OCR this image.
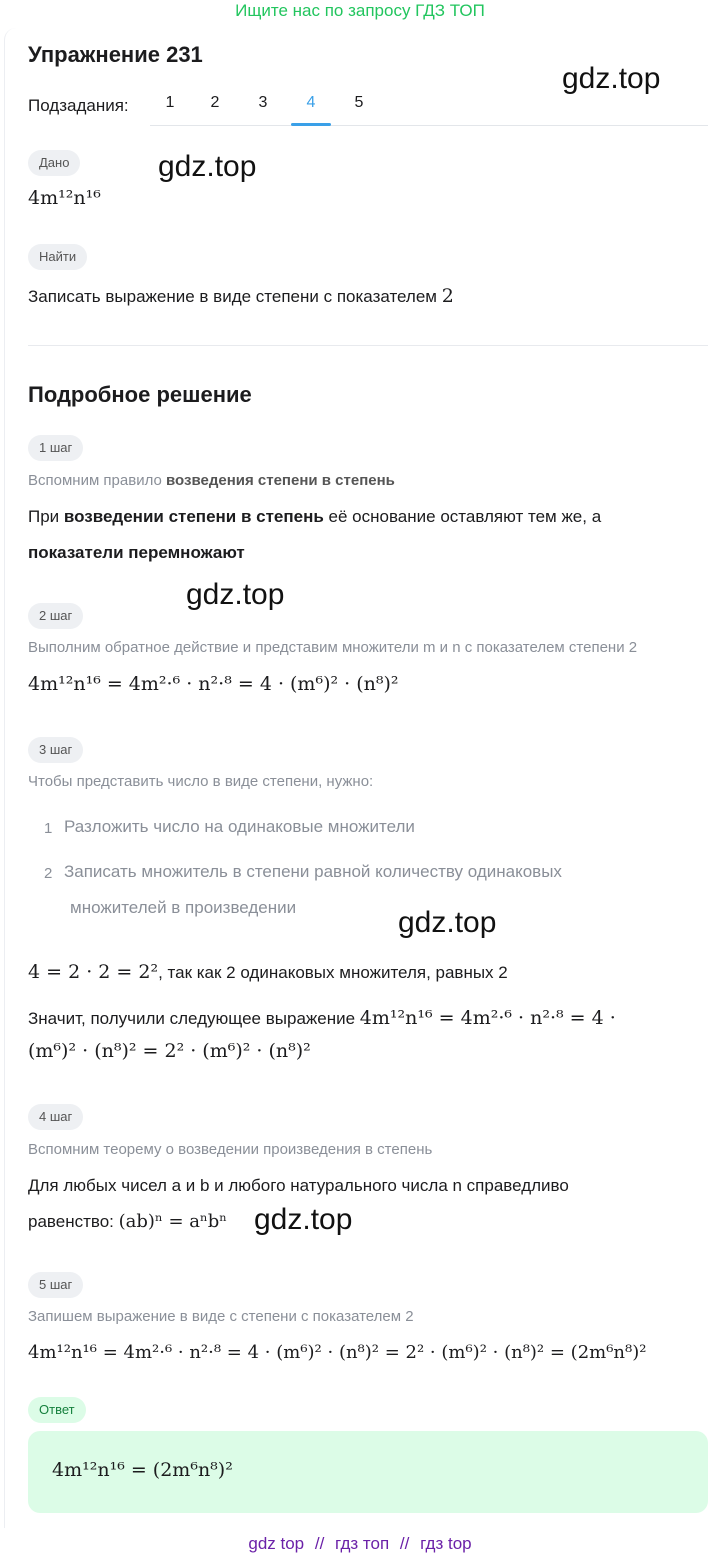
Ищите нас по запросу ГДЗ ТОП
Упражнение 231
Подзадания:	1	2	3	4	5
gdz.top
gdz.top
gdz.top
gdz.top
gdz.top
Дано
4m¹²n¹⁶
Найти
Записать выражение в виде степени с показателем 2
Подробное решение
1 шаг
Вспомним правило возведения степени в степень
При возведении степени в степень её основание оставляют тем же, а
показатели перемножают
2 шаг
Выполним обратное действие и представим множители m и n с показателем степени 2
4m¹²n¹⁶ = 4m²·⁶ · n²·⁸ = 4 · (m⁶)² · (n⁸)²
3 шаг
Чтобы представить число в виде степени, нужно:
1 Разложить число на одинаковые множители
2 Записать множитель в степени равной количеству одинаковых
множителей в произведении
4 = 2 · 2 = 2², так как 2 одинаковых множителя, равных 2
Значит, получили следующее выражение 4m¹²n¹⁶ = 4m²·⁶ · n²·⁸ = 4 ·
(m⁶)² · (n⁸)² = 2² · (m⁶)² · (n⁸)²
4 шаг
Вспомним теорему о возведении произведения в степень
Для любых чисел a и b и любого натурального числа n справедливо
равенство: (ab)ⁿ = aⁿbⁿ
5 шаг
Запишем выражение в виде с степени с показателем 2
4m¹²n¹⁶ = 4m²·⁶ · n²·⁸ = 4 · (m⁶)² · (n⁸)² = 2² · (m⁶)² · (n⁸)² = (2m⁶n⁸)²
Ответ
4m¹²n¹⁶ = (2m⁶n⁸)²
gdz top // гдз топ // гдз top
